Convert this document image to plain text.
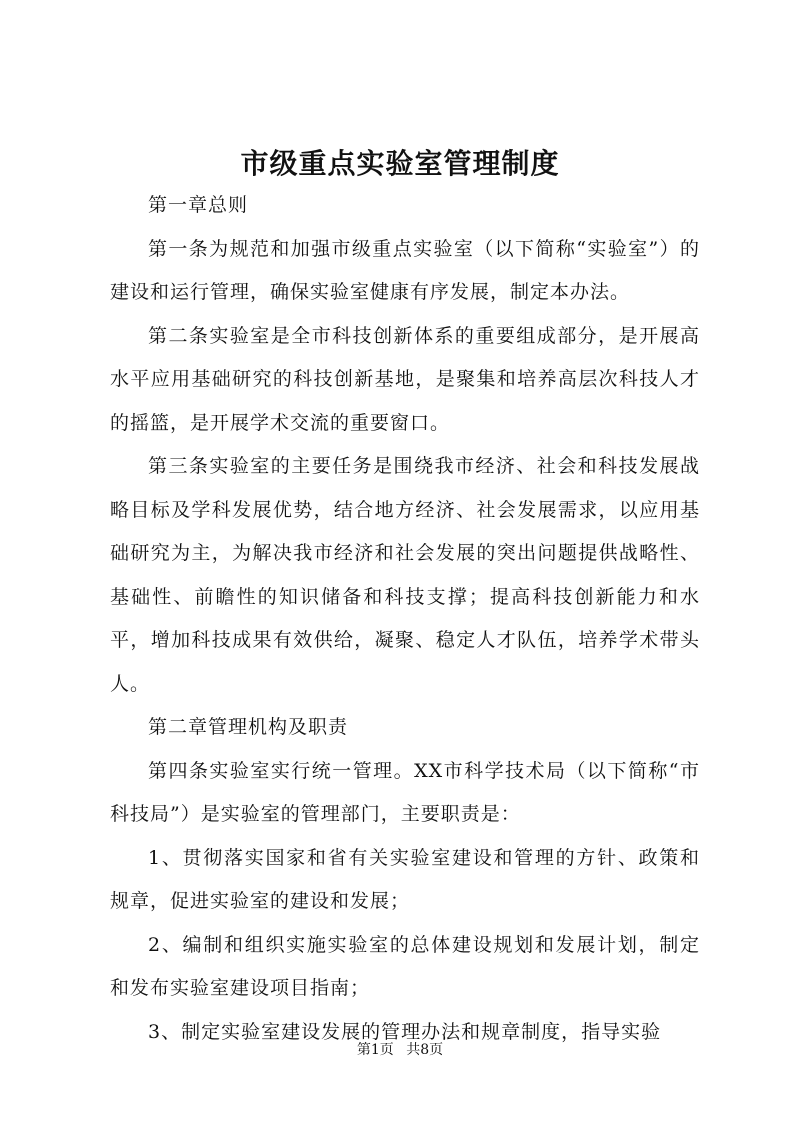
市级重点实验室管理制度

第一章总则

第一条为规范和加强市级重点实验室（以下简称“实验室”）的建设和运行管理，确保实验室健康有序发展，制定本办法。

第二条实验室是全市科技创新体系的重要组成部分，是开展高水平应用基础研究的科技创新基地，是聚集和培养高层次科技人才的摇篮，是开展学术交流的重要窗口。

第三条实验室的主要任务是围绕我市经济、社会和科技发展战略目标及学科发展优势，结合地方经济、社会发展需求，以应用基础研究为主，为解决我市经济和社会发展的突出问题提供战略性、基础性、前瞻性的知识储备和科技支撑；提高科技创新能力和水平，增加科技成果有效供给，凝聚、稳定人才队伍，培养学术带头人。

第二章管理机构及职责

第四条实验室实行统一管理。XX市科学技术局（以下简称“市科技局”）是实验室的管理部门，主要职责是：

1、贯彻落实国家和省有关实验室建设和管理的方针、政策和规章，促进实验室的建设和发展；

2、编制和组织实施实验室的总体建设规划和发展计划，制定和发布实验室建设项目指南；

3、制定实验室建设发展的管理办法和规章制度，指导实验

第1页 共8页
